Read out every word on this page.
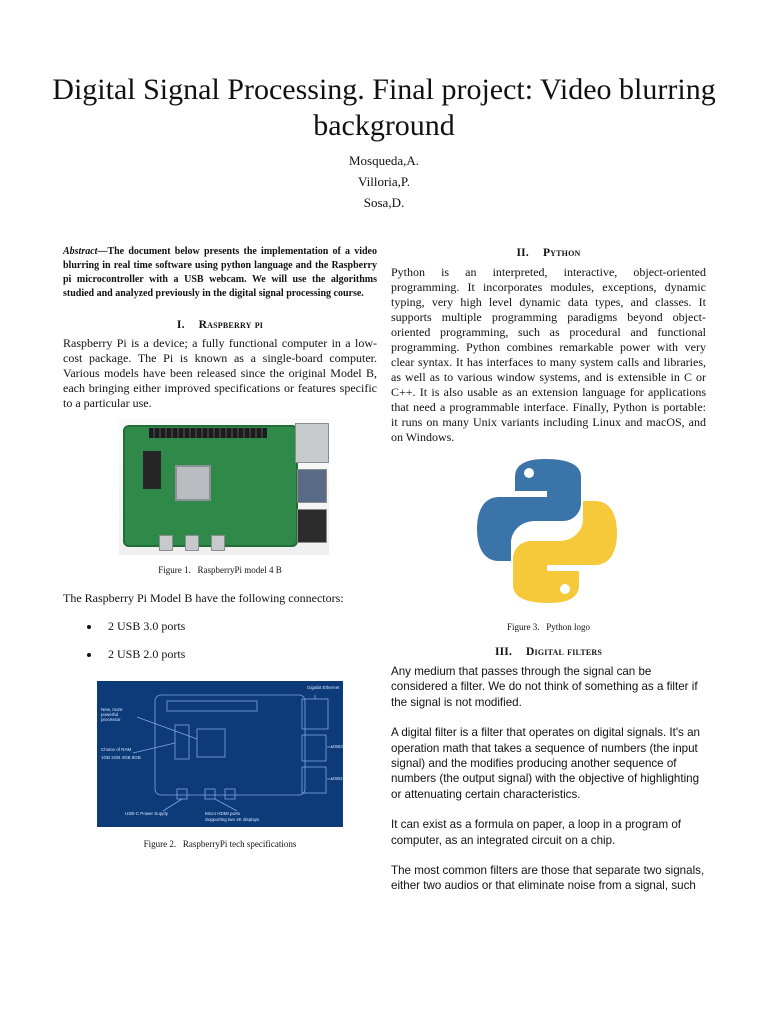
Digital Signal Processing. Final project: Video blurring background
Mosqueda,A.
Villoria,P.
Sosa,D.

Abstract—The document below presents the implementation of a video blurring in real time software using python language and the Raspberry pi microcontroller with a USB webcam. We will use the algorithms studied and analyzed previously in the digital signal processing course.

I. Raspberry pi

Raspberry Pi is a device; a fully functional computer in a low-cost package. The Pi is known as a single-board computer. Various models have been released since the original Model B, each bringing either improved specifications or features specific to a particular use.

Figure 1. RaspberryPi model 4 B

The Raspberry Pi Model B have the following connectors:

2 USB 3.0 ports
2 USB 2.0 ports
New, more powerful processor
Choice of RAM
1GB 2GB 4GB 8GB
Gigabit Ethernet
USB3
USB2
USB-C Power Supply	Micro HDMI ports
Supporting two 4K displays

Figure 2. RaspberryPi tech specifications

II. Python

Python is an interpreted, interactive, object-oriented programming. It incorporates modules, exceptions, dynamic typing, very high level dynamic data types, and classes. It supports multiple programming paradigms beyond object-oriented programming, such as procedural and functional programming. Python combines remarkable power with very clear syntax. It has interfaces to many system calls and libraries, as well as to various window systems, and is extensible in C or C++. It is also usable as an extension language for applications that need a programmable interface. Finally, Python is portable: it runs on many Unix variants including Linux and macOS, and on Windows.

Figure 3. Python logo

III. Digital filters

Any medium that passes through the signal can be considered a filter. We do not think of something as a filter if the signal is not modified.

A digital filter is a filter that operates on digital signals. It's an operation math that takes a sequence of numbers (the input signal) and the modifies producing another sequence of numbers (the output signal) with the objective of highlighting or attenuating certain characteristics.

It can exist as a formula on paper, a loop in a program of computer, as an integrated circuit on a chip.

The most common filters are those that separate two signals, either two audios or that eliminate noise from a signal, such
